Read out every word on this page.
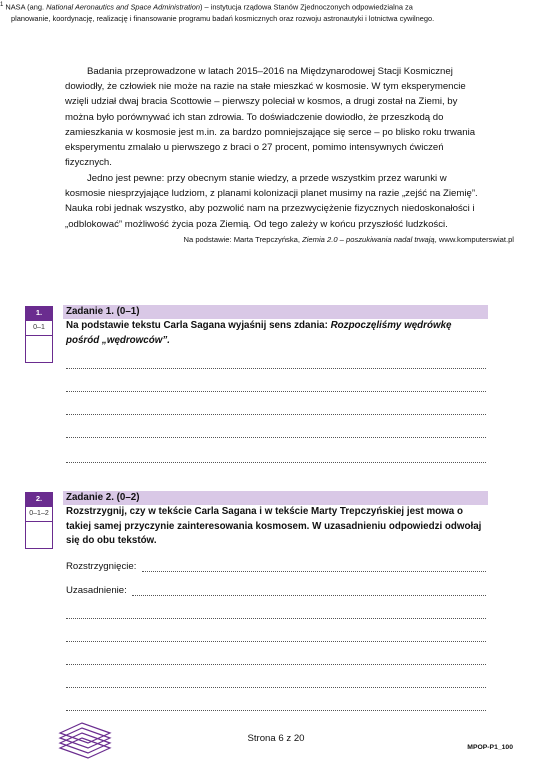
Badania przeprowadzone w latach 2015–2016 na Międzynarodowej Stacji Kosmicznej dowiodły, że człowiek nie może na razie na stałe mieszkać w kosmosie. W tym eksperymencie wzięli udział dwaj bracia Scottowie – pierwszy poleciał w kosmos, a drugi został na Ziemi, by można było porównywać ich stan zdrowia. To doświadczenie dowiodło, że przeszkodą do zamieszkania w kosmosie jest m.in. za bardzo pomniejszające się serce – po blisko roku trwania eksperymentu zmalało u pierwszego z braci o 27 procent, pomimo intensywnych ćwiczeń fizycznych.
Jedno jest pewne: przy obecnym stanie wiedzy, a przede wszystkim przez warunki w kosmosie niesprzyjające ludziom, z planami kolonizacji planet musimy na razie „zejść na Ziemię”. Nauka robi jednak wszystko, aby pozwolić nam na przezwyciężenie fizycznych niedoskonałości i „odblokować” możliwość życia poza Ziemią. Od tego zależy w końcu przyszłość ludzkości.
Na podstawie: Marta Trepczyńska, Ziemia 2.0 – poszukiwania nadal trwają, www.komputerswiat.pl
$^1$ NASA (ang. National Aeronautics and Space Administration) – instytucja rządowa Stanów Zjednoczonych odpowiedzialna za planowanie, koordynację, realizację i finansowanie programu badań kosmicznych oraz rozwoju astronautyki i lotnictwa cywilnego.
1.
0–1
Zadanie 1. (0–1)
Na podstawie tekstu Carla Sagana wyjaśnij sens zdania: Rozpoczęliśmy wędrówkę pośród „wędrowców”.
2.
0–1–2
Zadanie 2. (0–2)
Rozstrzygnij, czy w tekście Carla Sagana i w tekście Marty Trepczyńskiej jest mowa o takiej samej przyczynie zainteresowania kosmosem. W uzasadnieniu odpowiedzi odwołaj się do obu tekstów.
Rozstrzygnięcie:
Uzasadnienie:
Strona 6 z 20
MPOP-P1_100
